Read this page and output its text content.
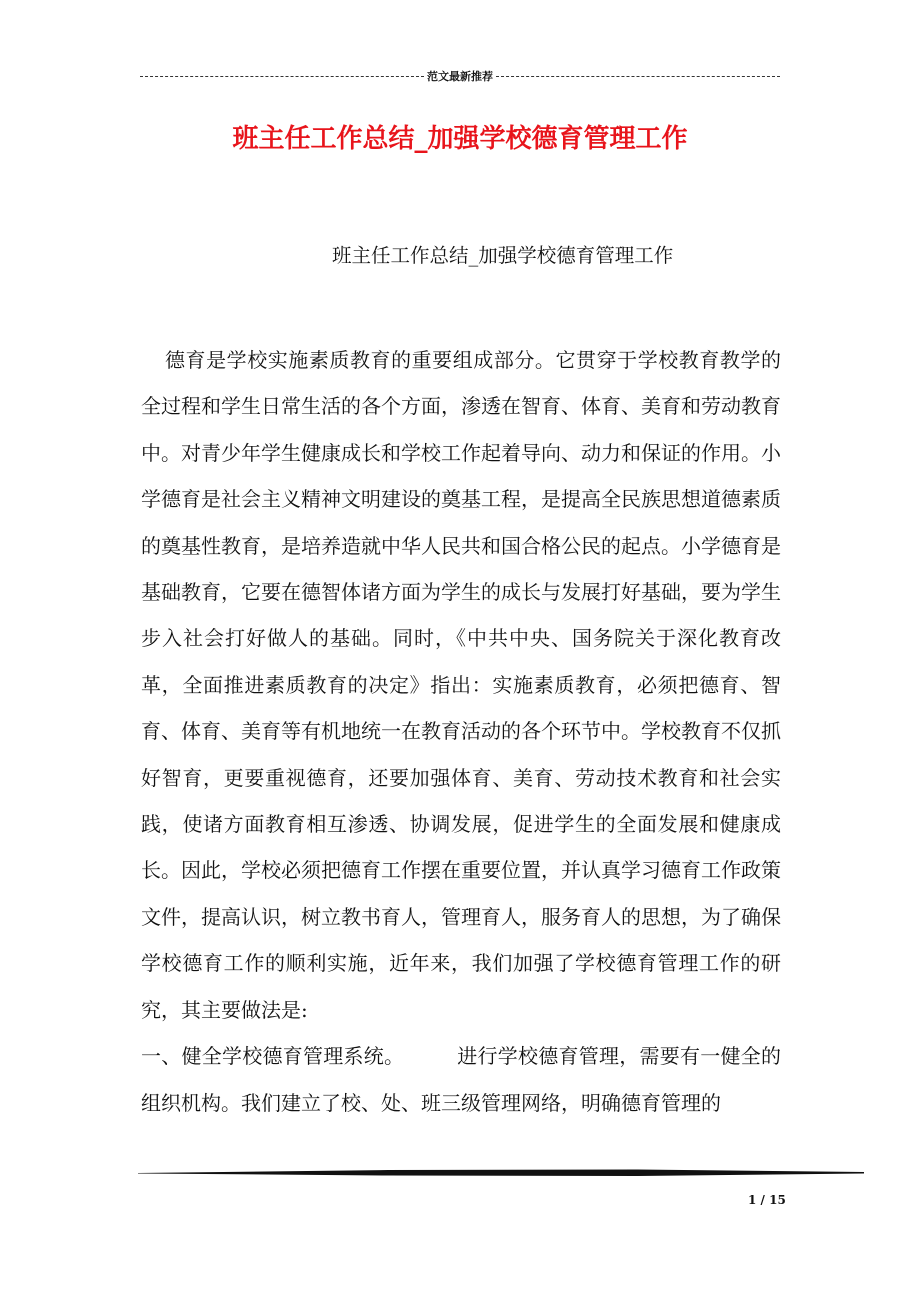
范文最新推荐
班主任工作总结_加强学校德育管理工作
班主任工作总结_加强学校德育管理工作

德育是学校实施素质教育的重要组成部分。它贯穿于学校教育教学的全过程和学生日常生活的各个方面，渗透在智育、体育、美育和劳动教育中。对青少年学生健康成长和学校工作起着导向、动力和保证的作用。小学德育是社会主义精神文明建设的奠基工程，是提高全民族思想道德素质的奠基性教育，是培养造就中华人民共和国合格公民的起点。小学德育是基础教育，它要在德智体诸方面为学生的成长与发展打好基础，要为学生步入社会打好做人的基础。同时，《中共中央、国务院关于深化教育改革，全面推进素质教育的决定》指出：实施素质教育，必须把德育、智育、体育、美育等有机地统一在教育活动的各个环节中。学校教育不仅抓好智育，更要重视德育，还要加强体育、美育、劳动技术教育和社会实践，使诸方面教育相互渗透、协调发展，促进学生的全面发展和健康成长。因此，学校必须把德育工作摆在重要位置，并认真学习德育工作政策文件，提高认识，树立教书育人，管理育人，服务育人的思想，为了确保学校德育工作的顺利实施，近年来，我们加强了学校德育管理工作的研究，其主要做法是:

一、健全学校德育管理系统。        进行学校德育管理，需要有一健全的组织机构。我们建立了校、处、班三级管理网络，明确德育管理的

1 / 15
